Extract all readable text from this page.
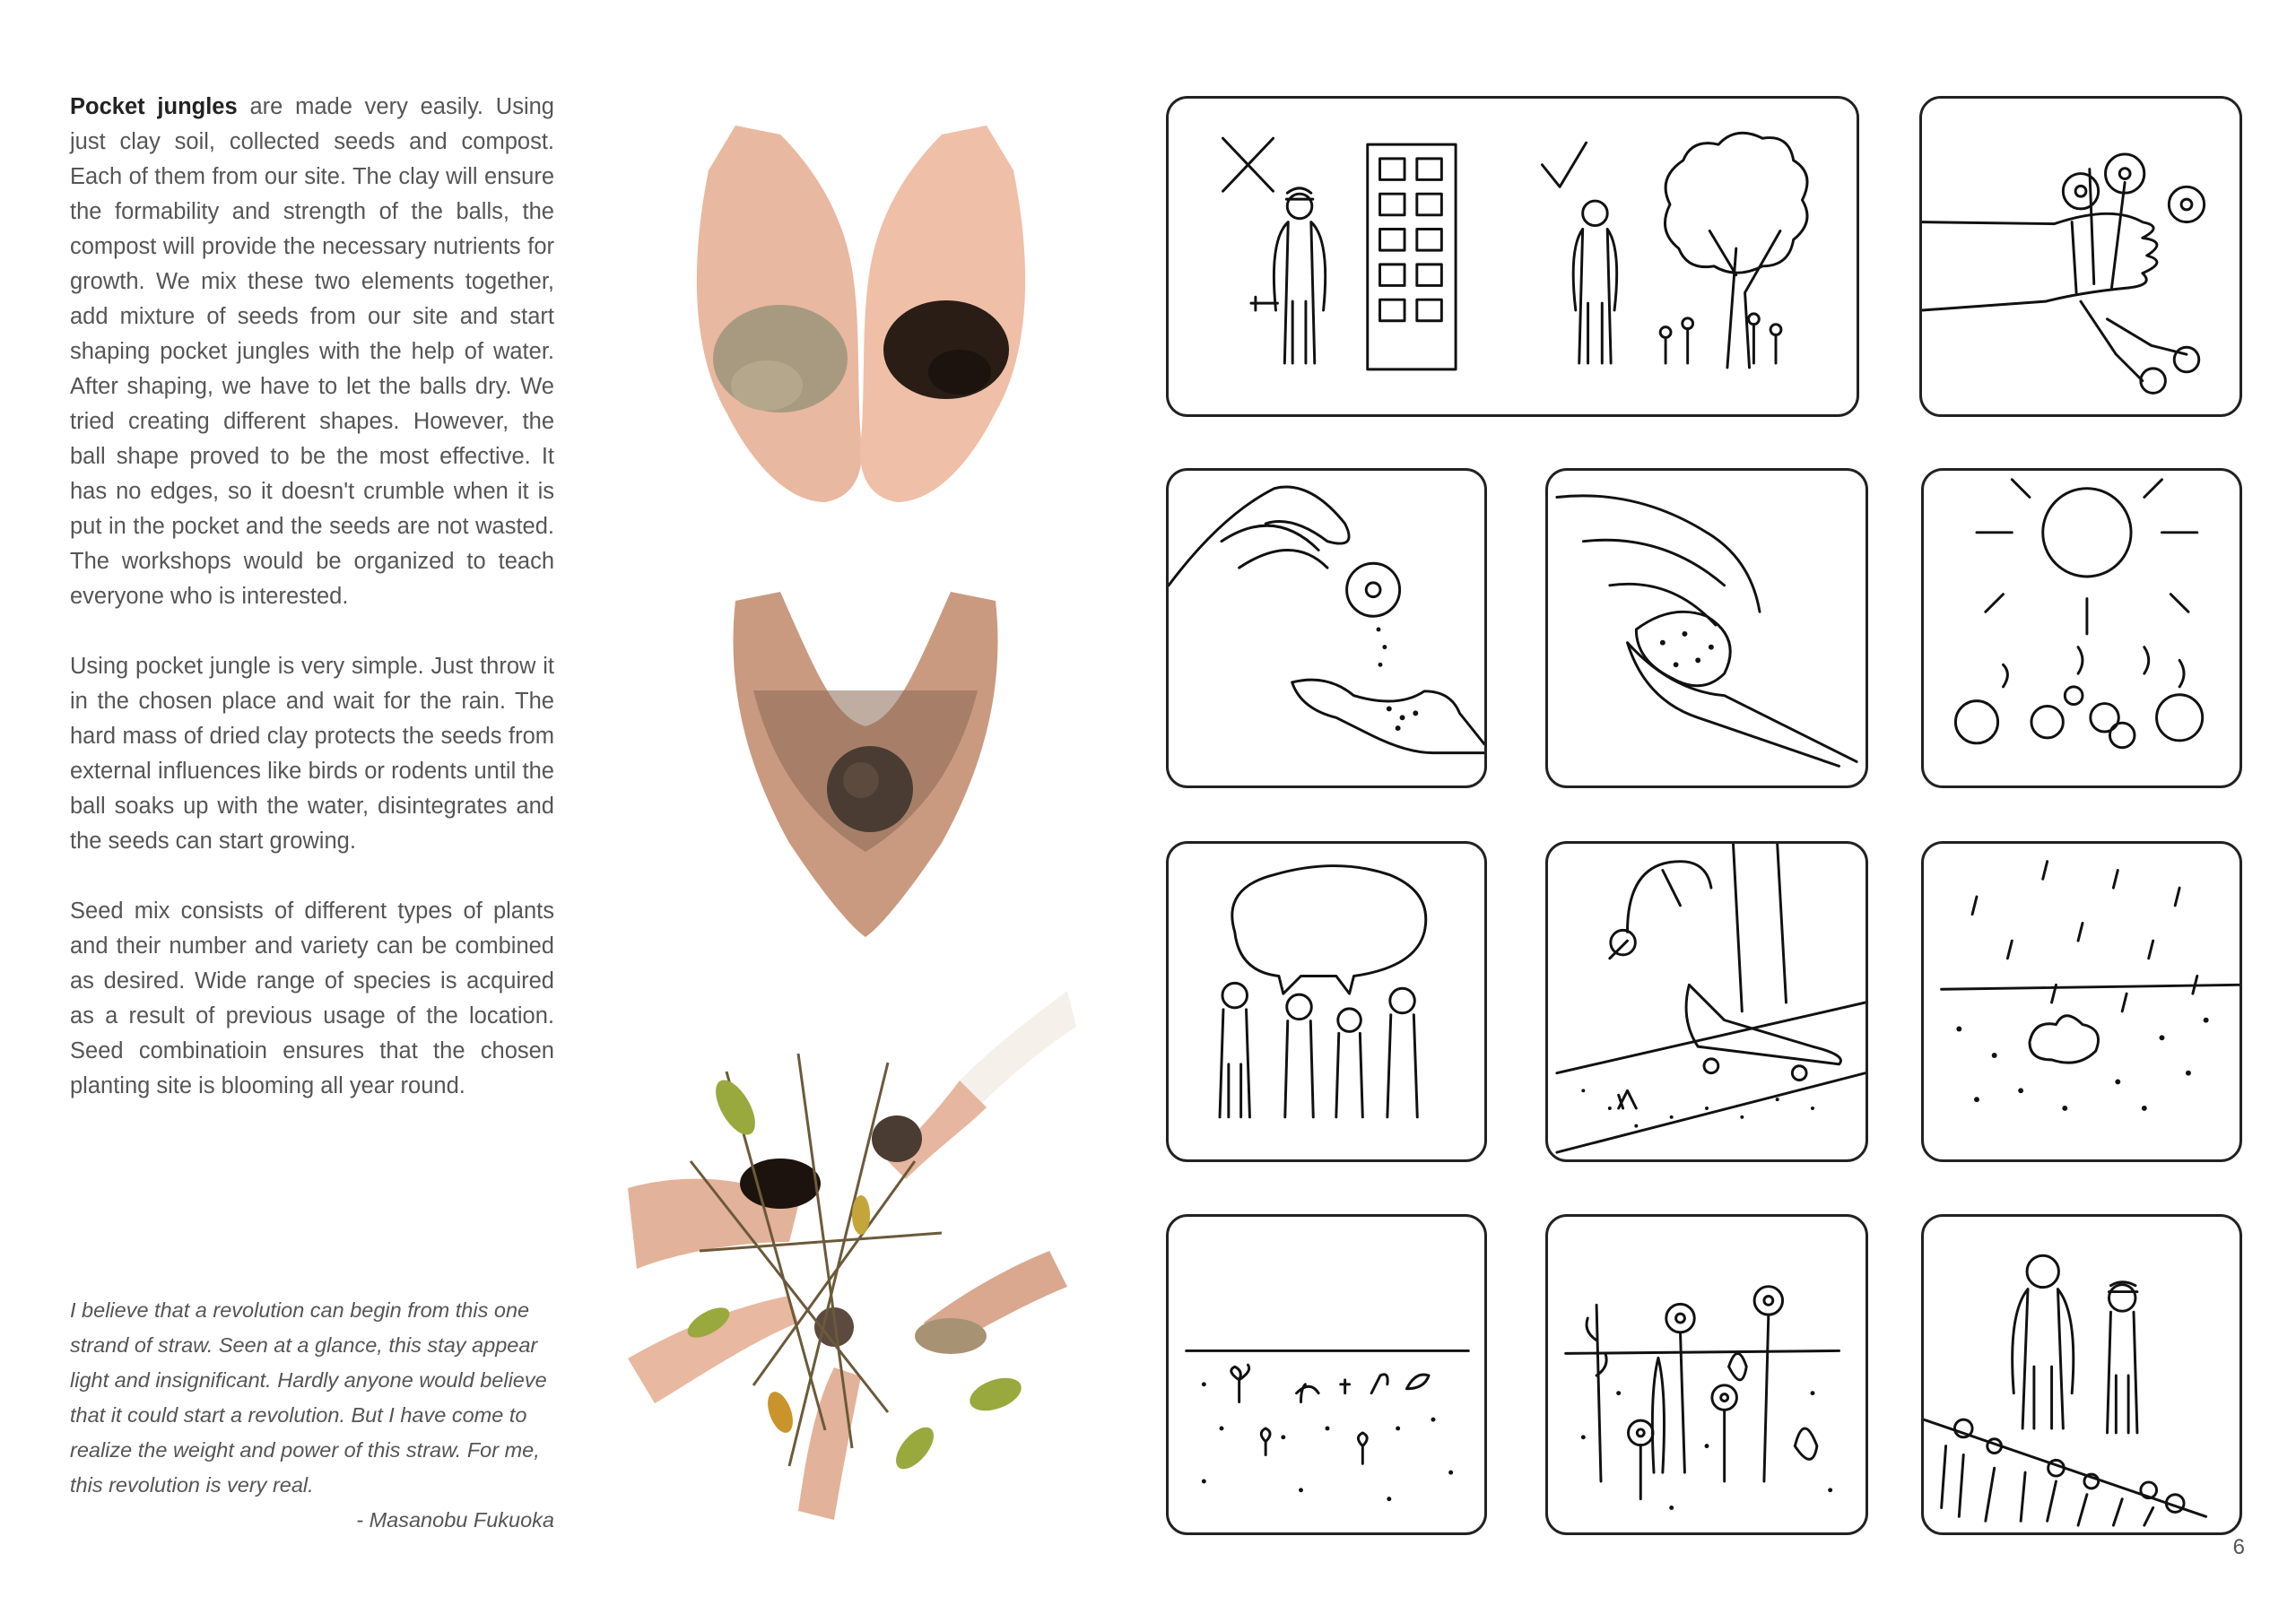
Pocket jungles are made very easily. Using just clay soil, collected seeds and compost. Each of them from our site. The clay will ensure the formability and strength of the balls, the compost will provide the necessary nutrients for growth. We mix these two elements together, add mixture of seeds from our site and start shaping pocket jungles with the help of water. After shaping, we have to let the balls dry. We tried creating different shapes. However, the ball shape proved to be the most effective. It has no edges, so it doesn't crumble when it is put in the pocket and the seeds are not wasted. The workshops would be organized to teach everyone who is interested.

Using pocket jungle is very simple. Just throw it in the chosen place and wait for the rain. The hard mass of dried clay protects the seeds from external influences like birds or rodents until the ball soaks up with the water, disintegrates and the seeds can start growing.

Seed mix consists of different types of plants and their number and variety can be combined as desired. Wide range of species is acquired as a result of previous usage of the location. Seed combinatioin ensures that the chosen planting site is blooming all year round.

I believe that a revolution can begin from this one strand of straw. Seen at a glance, this stay appear light and insignificant. Hardly anyone would believe that it could start a revolution. But I have come to realize the weight and power of this straw. For me, this revolution is very real.
- Masanobu Fukuoka
6
